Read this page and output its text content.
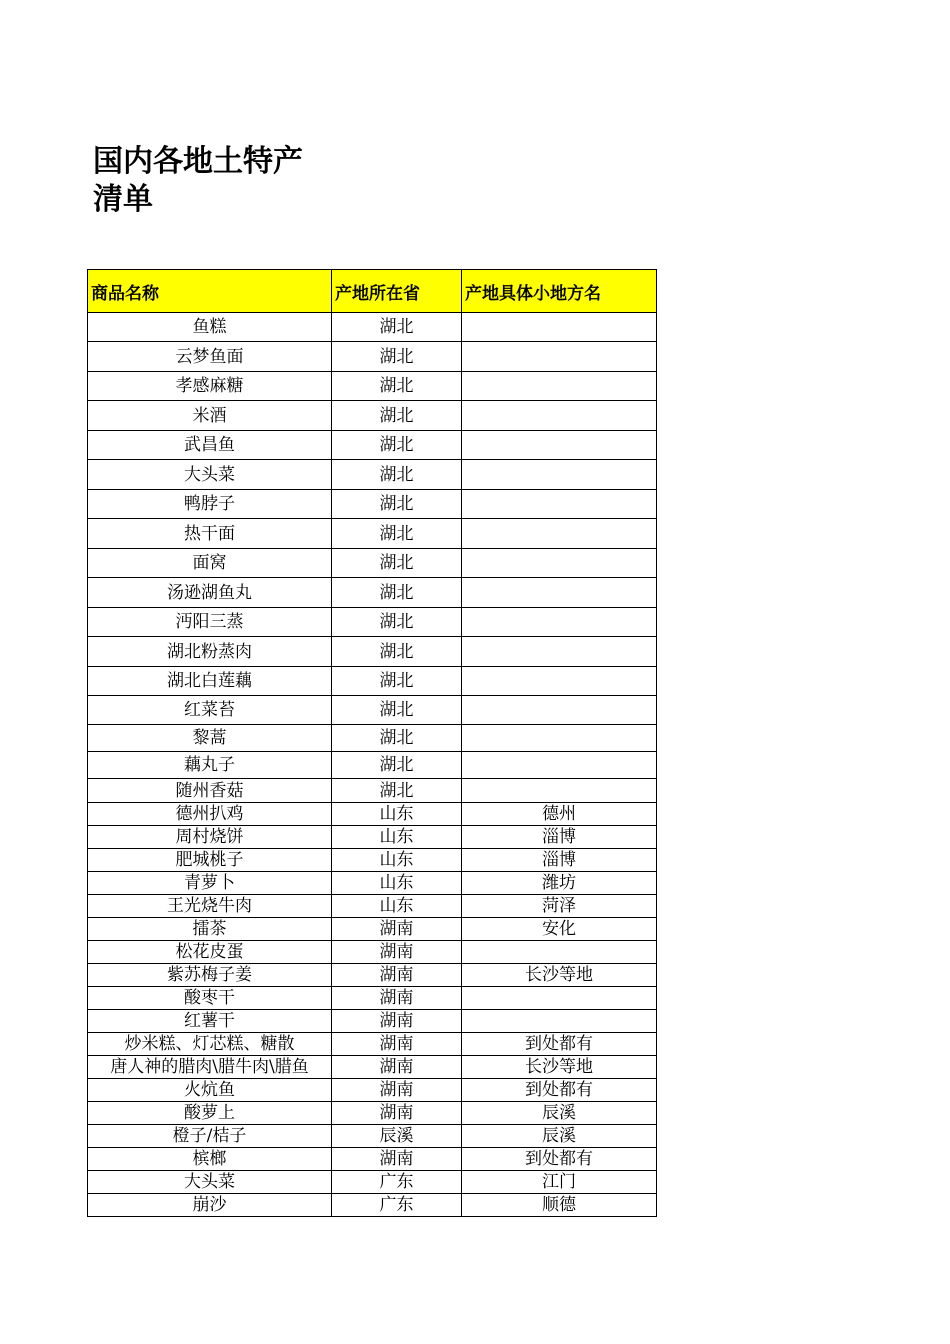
国内各地土特产
清单
商品名称	产地所在省	产地具体小地方名
鱼糕	湖北	
云梦鱼面	湖北	
孝感麻糖	湖北	
米酒	湖北	
武昌鱼	湖北	
大头菜	湖北	
鸭脖子	湖北	
热干面	湖北	
面窝	湖北	
汤逊湖鱼丸	湖北	
沔阳三蒸	湖北	
湖北粉蒸肉	湖北	
湖北白莲藕	湖北	
红菜苔	湖北	
黎蒿	湖北	
藕丸子	湖北	
随州香菇	湖北	
德州扒鸡	山东	德州
周村烧饼	山东	淄博
肥城桃子	山东	淄博
青萝卜	山东	潍坊
王光烧牛肉	山东	菏泽
擂茶	湖南	安化
松花皮蛋	湖南	
紫苏梅子姜	湖南	长沙等地
酸枣干	湖南	
红薯干	湖南	
炒米糕、灯芯糕、糖散	湖南	到处都有
唐人神的腊肉\腊牛肉\腊鱼	湖南	长沙等地
火炕鱼	湖南	到处都有
酸萝上	湖南	辰溪
橙子/桔子	辰溪	辰溪
槟榔	湖南	到处都有
大头菜	广东	江门
崩沙	广东	顺德
